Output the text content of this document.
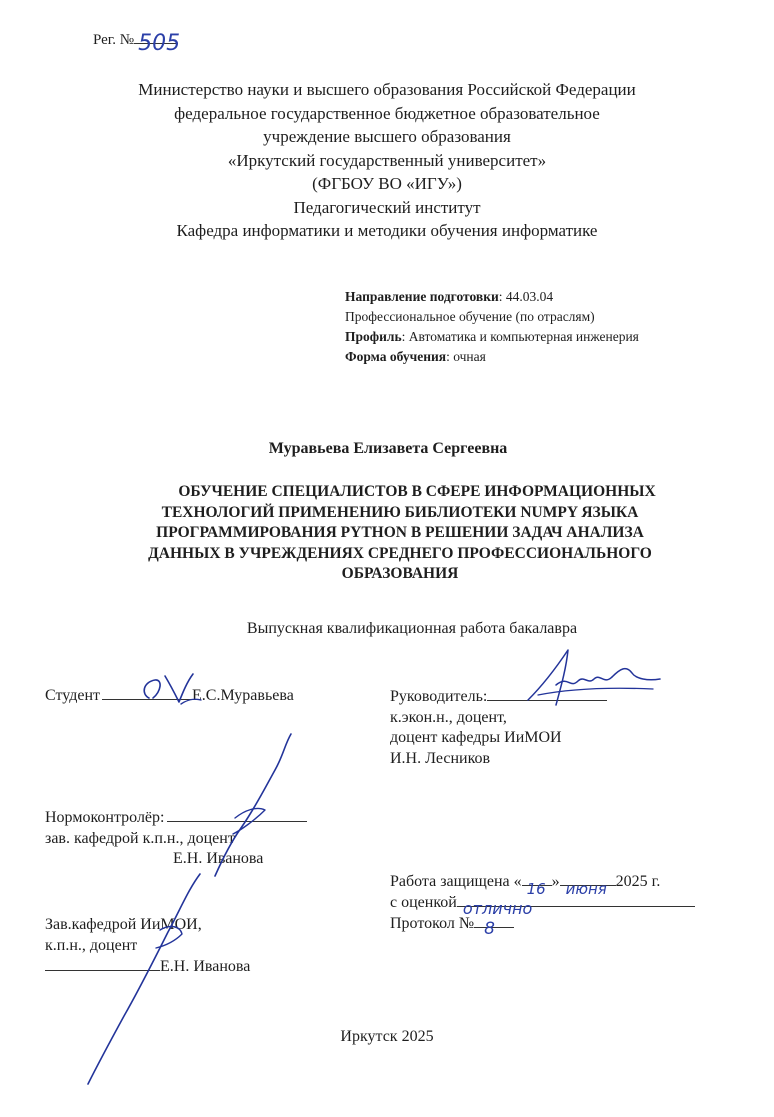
Рег. № 505
Министерство науки и высшего образования Российской Федерации
федеральное государственное бюджетное образовательное
учреждение высшего образования
«Иркутский государственный университет»
(ФГБОУ ВО «ИГУ»)
Педагогический институт
Кафедра информатики и методики обучения информатике
Направление подготовки: 44.03.04
Профессиональное обучение (по отраслям)
Профиль: Автоматика и компьютерная инженерия
Форма обучения: очная
Муравьева Елизавета Сергеевна
ОБУЧЕНИЕ СПЕЦИАЛИСТОВ В СФЕРЕ ИНФОРМАЦИОННЫХ
ТЕХНОЛОГИЙ ПРИМЕНЕНИЮ БИБЛИОТЕКИ NUMPY ЯЗЫКА
ПРОГРАММИРОВАНИЯ PYTHON В РЕШЕНИИ ЗАДАЧ АНАЛИЗА
ДАННЫХ В УЧРЕЖДЕНИЯХ СРЕДНЕГО ПРОФЕССИОНАЛЬНОГО
ОБРАЗОВАНИЯ
Выпускная квалификационная работа бакалавра
Студент	Е.С.Муравьева	Руководитель:
к.экон.н., доцент,
доцент кафедры ИиМОИ
И.Н. Лесников
Нормоконтролёр:
зав. кафедрой к.п.н., доцент
Е.Н. Иванова
Работа защищена « 16 » июня 2025 г.
с оценкой отлично
Протокол № 8
Зав.кафедрой ИиМОИ,
к.п.н., доцент
Е.Н. Иванова
Иркутск 2025
